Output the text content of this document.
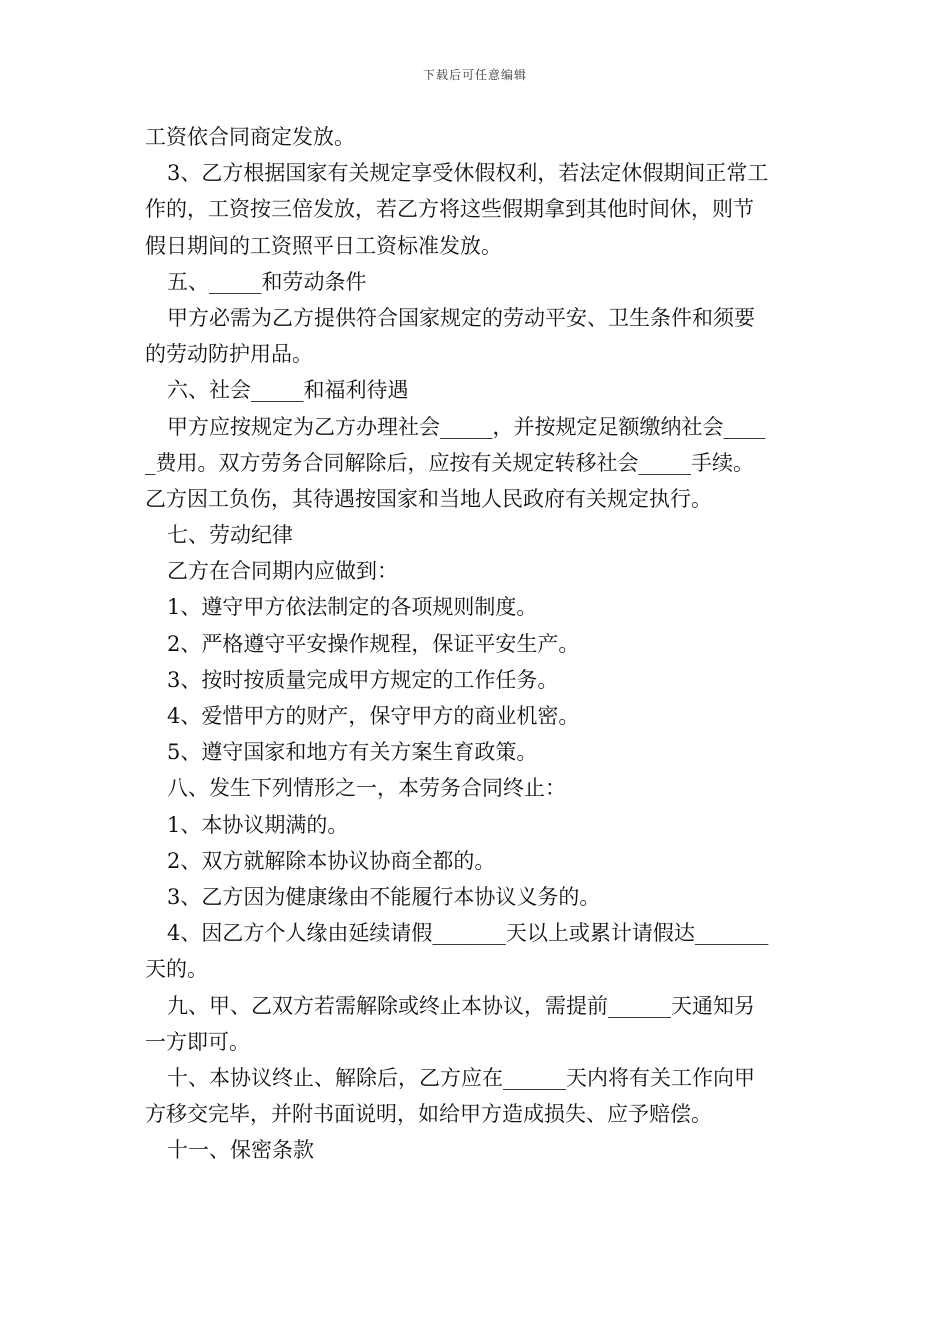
下载后可任意编辑
工资依合同商定发放。
3、乙方根据国家有关规定享受休假权利，若法定休假期间正常工
作的，工资按三倍发放，若乙方将这些假期拿到其他时间休，则节
假日期间的工资照平日工资标准发放。
五、_____和劳动条件
甲方必需为乙方提供符合国家规定的劳动平安、卫生条件和须要
的劳动防护用品。
六、社会_____和福利待遇
甲方应按规定为乙方办理社会_____，并按规定足额缴纳社会____
_费用。双方劳务合同解除后，应按有关规定转移社会_____手续。
乙方因工负伤，其待遇按国家和当地人民政府有关规定执行。
七、劳动纪律
乙方在合同期内应做到：
1、遵守甲方依法制定的各项规则制度。
2、严格遵守平安操作规程，保证平安生产。
3、按时按质量完成甲方规定的工作任务。
4、爱惜甲方的财产，保守甲方的商业机密。
5、遵守国家和地方有关方案生育政策。
八、发生下列情形之一，本劳务合同终止：
1、本协议期满的。
2、双方就解除本协议协商全都的。
3、乙方因为健康缘由不能履行本协议义务的。
4、因乙方个人缘由延续请假_______天以上或累计请假达_______
天的。
九、甲、乙双方若需解除或终止本协议，需提前______天通知另
一方即可。
十、本协议终止、解除后，乙方应在______天内将有关工作向甲
方移交完毕，并附书面说明，如给甲方造成损失、应予赔偿。
十一、保密条款
